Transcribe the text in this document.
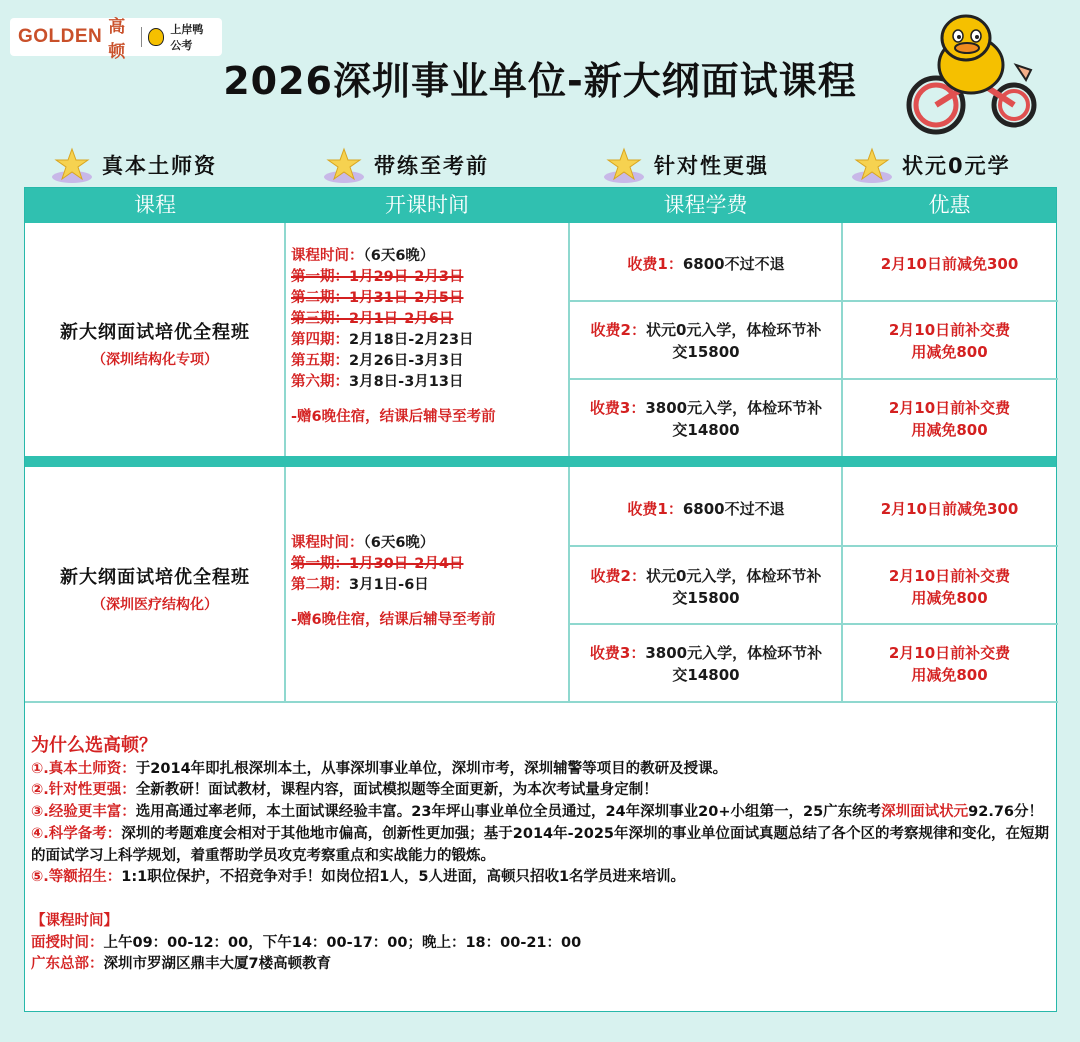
GOLDEN 高顿
上岸鸭公考
2026深圳事业单位-新大纲面试课程
真本土师资	带练至考前	针对性更强	状元0元学
课程	开课时间	课程学费	优惠
新大纲面试培优全程班
（深圳结构化专项）
课程时间：（6天6晚）
第一期：1月29日-2月3日
第二期：1月31日-2月5日
第三期：2月1日-2月6日
第四期：2月18日-2月23日
第五期：2月26日-3月3日
第六期：3月8日-3月13日
-赠6晚住宿，结课后辅导至考前
收费1：6800不过不退	2月10日前减免300
收费2：状元0元入学，体检环节补交15800
2月10日前补交费用减免800
收费3：3800元入学，体检环节补交14800
2月10日前补交费用减免800
新大纲面试培优全程班
（深圳医疗结构化）
课程时间：（6天6晚）
第一期：1月30日-2月4日
第二期：3月1日-6日
-赠6晚住宿，结课后辅导至考前
收费1：6800不过不退	2月10日前减免300
收费2：状元0元入学，体检环节补交15800
2月10日前补交费用减免800
收费3：3800元入学，体检环节补交14800
2月10日前补交费用减免800
为什么选高顿？
①.真本土师资：于2014年即扎根深圳本土，从事深圳事业单位，深圳市考，深圳辅警等项目的教研及授课。
②.针对性更强：全新教研！面试教材，课程内容，面试模拟题等全面更新，为本次考试量身定制！
③.经验更丰富：选用高通过率老师，本土面试课经验丰富。23年坪山事业单位全员通过，24年深圳事业20+小组第一，25广东统考深圳面试状元92.76分！
④.科学备考：深圳的考题难度会相对于其他地市偏高，创新性更加强；基于2014年-2025年深圳的事业单位面试真题总结了各个区的考察规律和变化，在短期的面试学习上科学规划，着重帮助学员攻克考察重点和实战能力的锻炼。
⑤.等额招生：1:1职位保护，不招竞争对手！如岗位招1人，5人进面，高顿只招收1名学员进来培训。
【课程时间】
面授时间：上午09：00-12：00，下午14：00-17：00；晚上：18：00-21：00
广东总部：深圳市罗湖区鼎丰大厦7楼高顿教育
